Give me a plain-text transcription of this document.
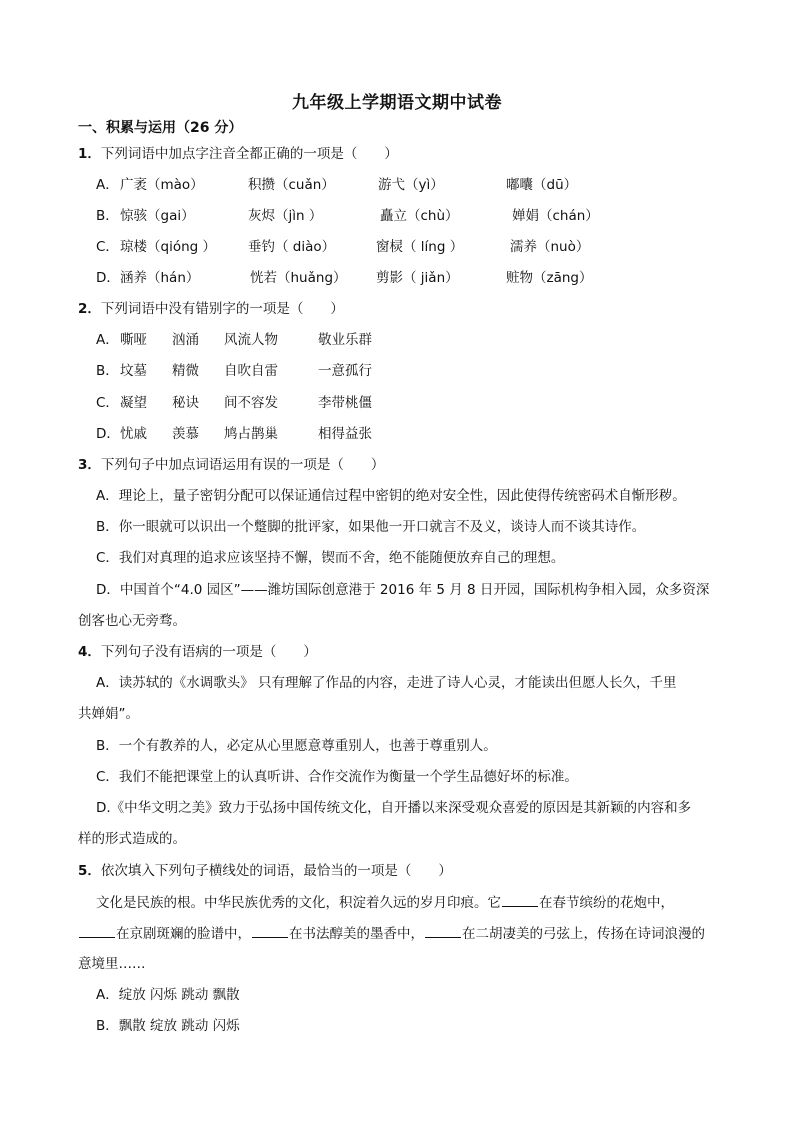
九年级上学期语文期中试卷
一、积累与运用（26 分）
1．下列词语中加点字注音全都正确的一项是（　　）
A． 广袤（mào）	积攒（cuǎn）	游弋（yì）	嘟囔（dū）
B． 惊骇（gai）	灰烬（jìn ）	矗立（chù）	婵娟（chán）
C． 琼楼（qióng ） 垂钓（ diào）	窗棂（ líng ）	濡养（nuò）
D． 涵养（hán）	恍若（huǎng） 剪影（ jiǎn）	赃物（zāng）
2．下列词语中没有错别字的一项是（　　）
A． 嘶哑 汹涌 风流人物	敬业乐群
B． 坟墓 精微 自吹自雷	一意孤行
C． 凝望 秘诀 间不容发	李带桃僵
D． 忧戚 羡慕 鸠占鹊巢	相得益张
3．下列句子中加点词语运用有误的一项是（　　）
A．理论上，量子密钥分配可以保证通信过程中密钥的绝对安全性，因此使得传统密码术自惭形秽。
B．你一眼就可以识出一个蹩脚的批评家，如果他一开口就言不及义，谈诗人而不谈其诗作。
C．我们对真理的追求应该坚持不懈，锲而不舍，绝不能随便放弃自己的理想。
D．中国首个“4.0 园区”——潍坊国际创意港于 2016 年 5 月 8 日开园，国际机构争相入园，众多资深
创客也心无旁骛。
4．下列句子没有语病的一项是（　　）
A．读苏轼的《水调歌头》 只有理解了作品的内容，走进了诗人心灵，才能读出但愿人长久，千里
共婵娟”。
B．一个有教养的人，必定从心里愿意尊重别人，也善于尊重别人。
C．我们不能把课堂上的认真听讲、合作交流作为衡量一个学生品德好坏的标准。
D.《中华文明之美》致力于弘扬中国传统文化，自开播以来深受观众喜爱的原因是其新颖的内容和多
样的形式造成的。
5．依次填入下列句子横线处的词语，最恰当的一项是（　　）
文化是民族的根。中华民族优秀的文化，积淀着久远的岁月印痕。它	在春节缤纷的花炮中，
在京剧斑斓的脸谱中，	在书法醇美的墨香中，	在二胡凄美的弓弦上，传扬在诗词浪漫的
意境里……
A．绽放 闪烁 跳动 飘散
B．飘散 绽放 跳动 闪烁
